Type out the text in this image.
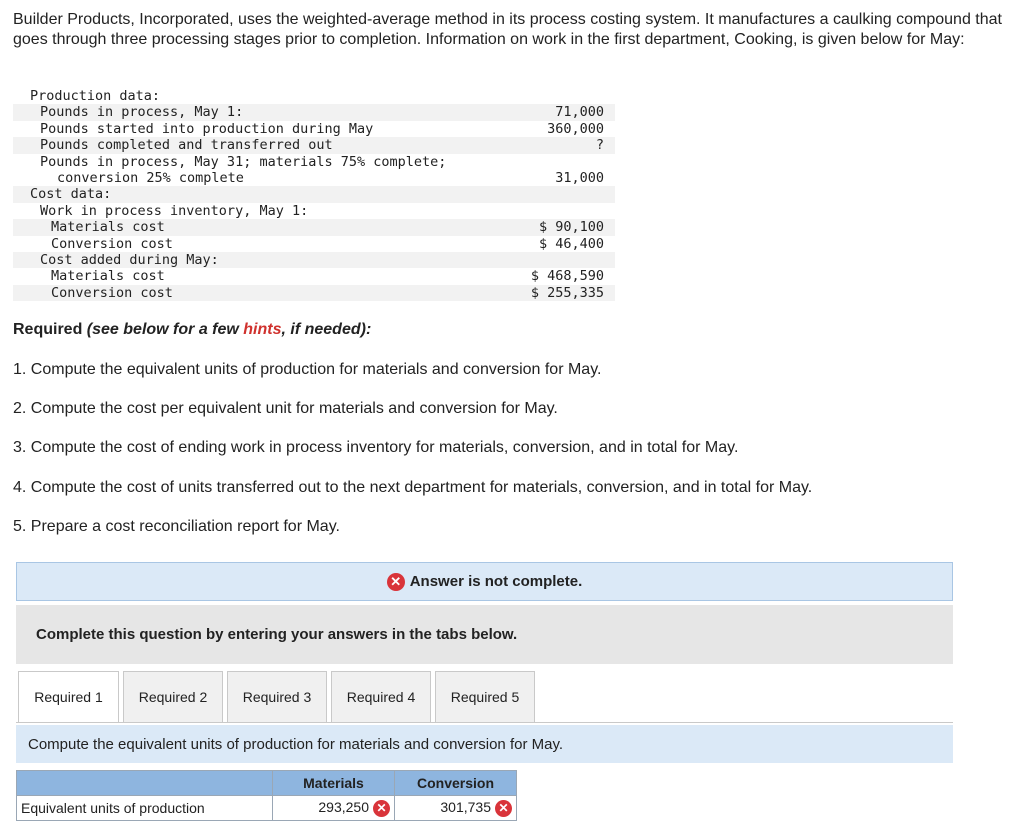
Builder Products, Incorporated, uses the weighted-average method in its process costing system. It manufactures a caulking compound that goes through three processing stages prior to completion. Information on work in the first department, Cooking, is given below for May:

Production data:
Pounds in process, May 1:	71,000
Pounds started into production during May	360,000
Pounds completed and transferred out	?
Pounds in process, May 31; materials 75% complete;
conversion 25% complete	31,000
Cost data:
Work in process inventory, May 1:
Materials cost	$ 90,100
Conversion cost	$ 46,400
Cost added during May:
Materials cost	$ 468,590
Conversion cost	$ 255,335
Required (see below for a few hints, if needed):

1. Compute the equivalent units of production for materials and conversion for May.

2. Compute the cost per equivalent unit for materials and conversion for May.

3. Compute the cost of ending work in process inventory for materials, conversion, and in total for May.

4. Compute the cost of units transferred out to the next department for materials, conversion, and in total for May.

5. Prepare a cost reconciliation report for May.

✕ Answer is not complete.
Complete this question by entering your answers in the tabs below.
Required 1	Required 2	Required 3	Required 4	Required 5
Compute the equivalent units of production for materials and conversion for May.
	Materials	Conversion
Equivalent units of production	293,250 ✕	301,735 ✕
